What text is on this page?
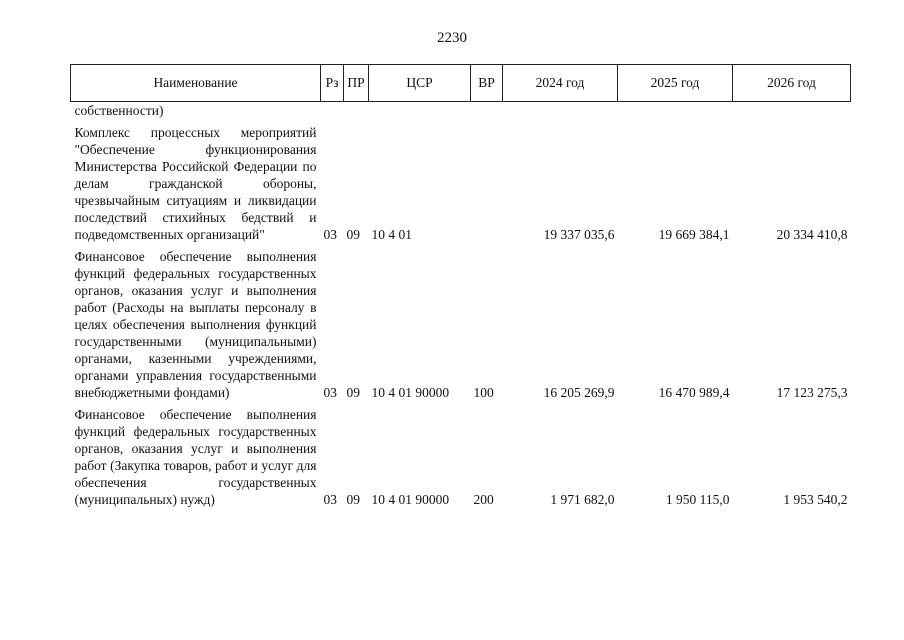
2230
Наименование	Рз	ПР	ЦСР	ВР	2024 год	2025 год	2026 год
собственности)							
Комплекс процессных мероприятий "Обеспечение функционирования Министерства Российской Федерации по делам гражданской обороны, чрезвычайным ситуациям и ликвидации последствий стихийных бедствий и подведомственных организаций"	03	09	10 4 01		19 337 035,6	19 669 384,1	20 334 410,8
Финансовое обеспечение выполнения функций федеральных государственных органов, оказания услуг и выполнения работ (Расходы на выплаты персоналу в целях обеспечения выполнения функций государственными (муниципальными) органами, казенными учреждениями, органами управления государственными внебюджетными фондами)	03	09	10 4 01 90000	100	16 205 269,9	16 470 989,4	17 123 275,3
Финансовое обеспечение выполнения функций федеральных государственных органов, оказания услуг и выполнения работ (Закупка товаров, работ и услуг для обеспечения государственных (муниципальных) нужд)	03	09	10 4 01 90000	200	1 971 682,0	1 950 115,0	1 953 540,2
